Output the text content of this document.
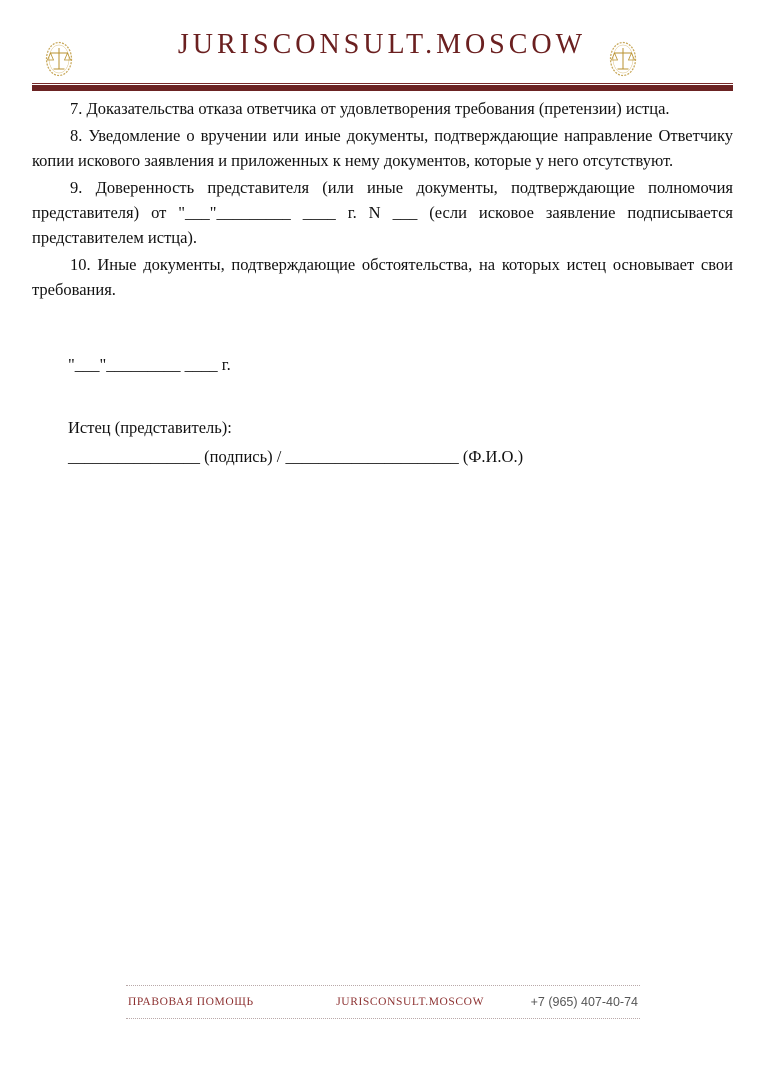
JURISCONSULT.MOSCOW

7. Доказательства отказа ответчика от удовлетворения требования (претензии) истца.

8. Уведомление о вручении или иные документы, подтверждающие направление Ответчику копии искового заявления и приложенных к нему документов, которые у него отсутствуют.

9. Доверенность представителя (или иные документы, подтверждающие полномочия представителя) от "___"_________ ____ г. N ___ (если исковое заявление подписывается представителем истца).

10. Иные документы, подтверждающие обстоятельства, на которых истец основывает свои требования.

"___"_________ ____ г.

Истец (представитель):

________________ (подпись) / _____________________ (Ф.И.О.)

ПРАВОВАЯ ПОМОЩЬ	JURISCONSULT.MOSCOW	+7 (965) 407-40-74
